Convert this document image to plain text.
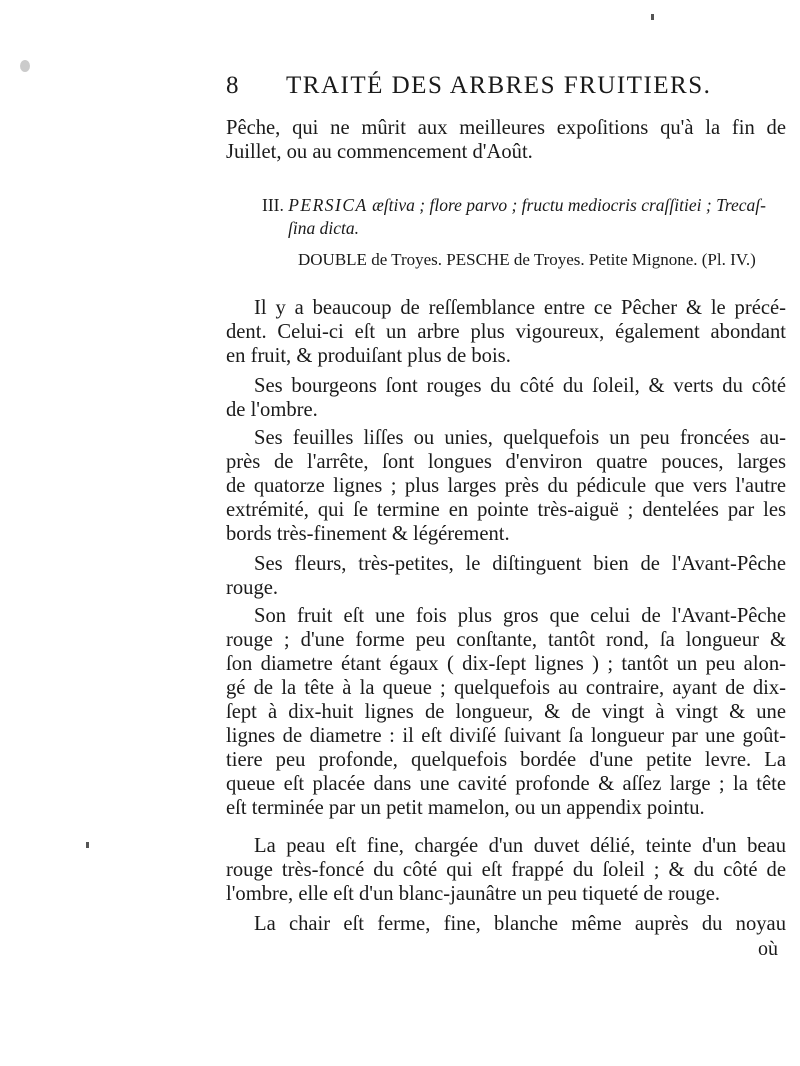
8 TRAITÉ DES ARBRES FRUITIERS.
Pêche, qui ne mûrit aux meilleures expoſitions qu'à la fin de
Juillet, ou au commencement d'Août.
III. PERSICA æſtiva ; flore parvo ; fructu mediocris craſſitiei ; Trecaſ-
ſina dicta.
DOUBLE de Troyes. PESCHE de Troyes. Petite Mignone. (Pl. IV.)
Il y a beaucoup de reſſemblance entre ce Pêcher & le précé-
dent. Celui-ci eſt un arbre plus vigoureux, également abondant
en fruit, & produiſant plus de bois.
Ses bourgeons ſont rouges du côté du ſoleil, & verts du côté
de l'ombre.
Ses feuilles liſſes ou unies, quelquefois un peu froncées au-
près de l'arrête, ſont longues d'environ quatre pouces, larges
de quatorze lignes ; plus larges près du pédicule que vers l'autre
extrémité, qui ſe termine en pointe très-aiguë ; dentelées par les
bords très-finement & légérement.
Ses fleurs, très-petites, le diſtinguent bien de l'Avant-Pêche
rouge.
Son fruit eſt une fois plus gros que celui de l'Avant-Pêche
rouge ; d'une forme peu conſtante, tantôt rond, ſa longueur &
ſon diametre étant égaux ( dix-ſept lignes ) ; tantôt un peu alon-
gé de la tête à la queue ; quelquefois au contraire, ayant de dix-
ſept à dix-huit lignes de longueur, & de vingt à vingt & une
lignes de diametre : il eſt diviſé ſuivant ſa longueur par une goût-
tiere peu profonde, quelquefois bordée d'une petite levre. La
queue eſt placée dans une cavité profonde & aſſez large ; la tête
eſt terminée par un petit mamelon, ou un appendix pointu.
La peau eſt fine, chargée d'un duvet délié, teinte d'un beau
rouge très-foncé du côté qui eſt frappé du ſoleil ; & du côté de
l'ombre, elle eſt d'un blanc-jaunâtre un peu tiqueté de rouge.
La chair eſt ferme, fine, blanche même auprès du noyau
où
